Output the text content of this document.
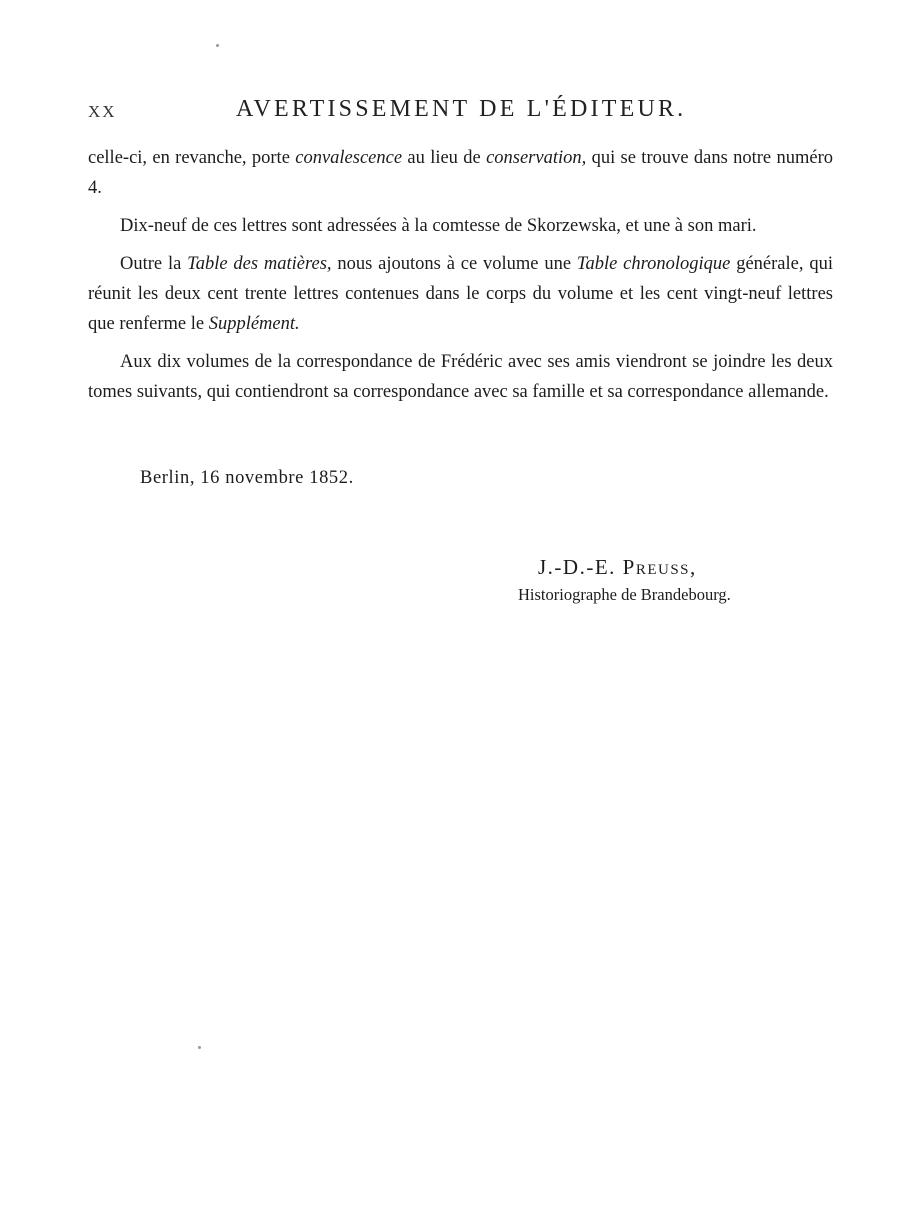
XX	AVERTISSEMENT DE L'ÉDITEUR.

celle-ci, en revanche, porte convalescence au lieu de conservation, qui se trouve dans notre numéro 4.

Dix-neuf de ces lettres sont adressées à la comtesse de Skorzewska, et une à son mari.

Outre la Table des matières, nous ajoutons à ce volume une Table chronologique générale, qui réunit les deux cent trente lettres contenues dans le corps du volume et les cent vingt-neuf lettres que renferme le Supplément.

Aux dix volumes de la correspondance de Frédéric avec ses amis viendront se joindre les deux tomes suivants, qui contiendront sa correspondance avec sa famille et sa correspondance allemande.

Berlin, 16 novembre 1852.
J.-D.-E. Preuss,
Historiographe de Brandebourg.
